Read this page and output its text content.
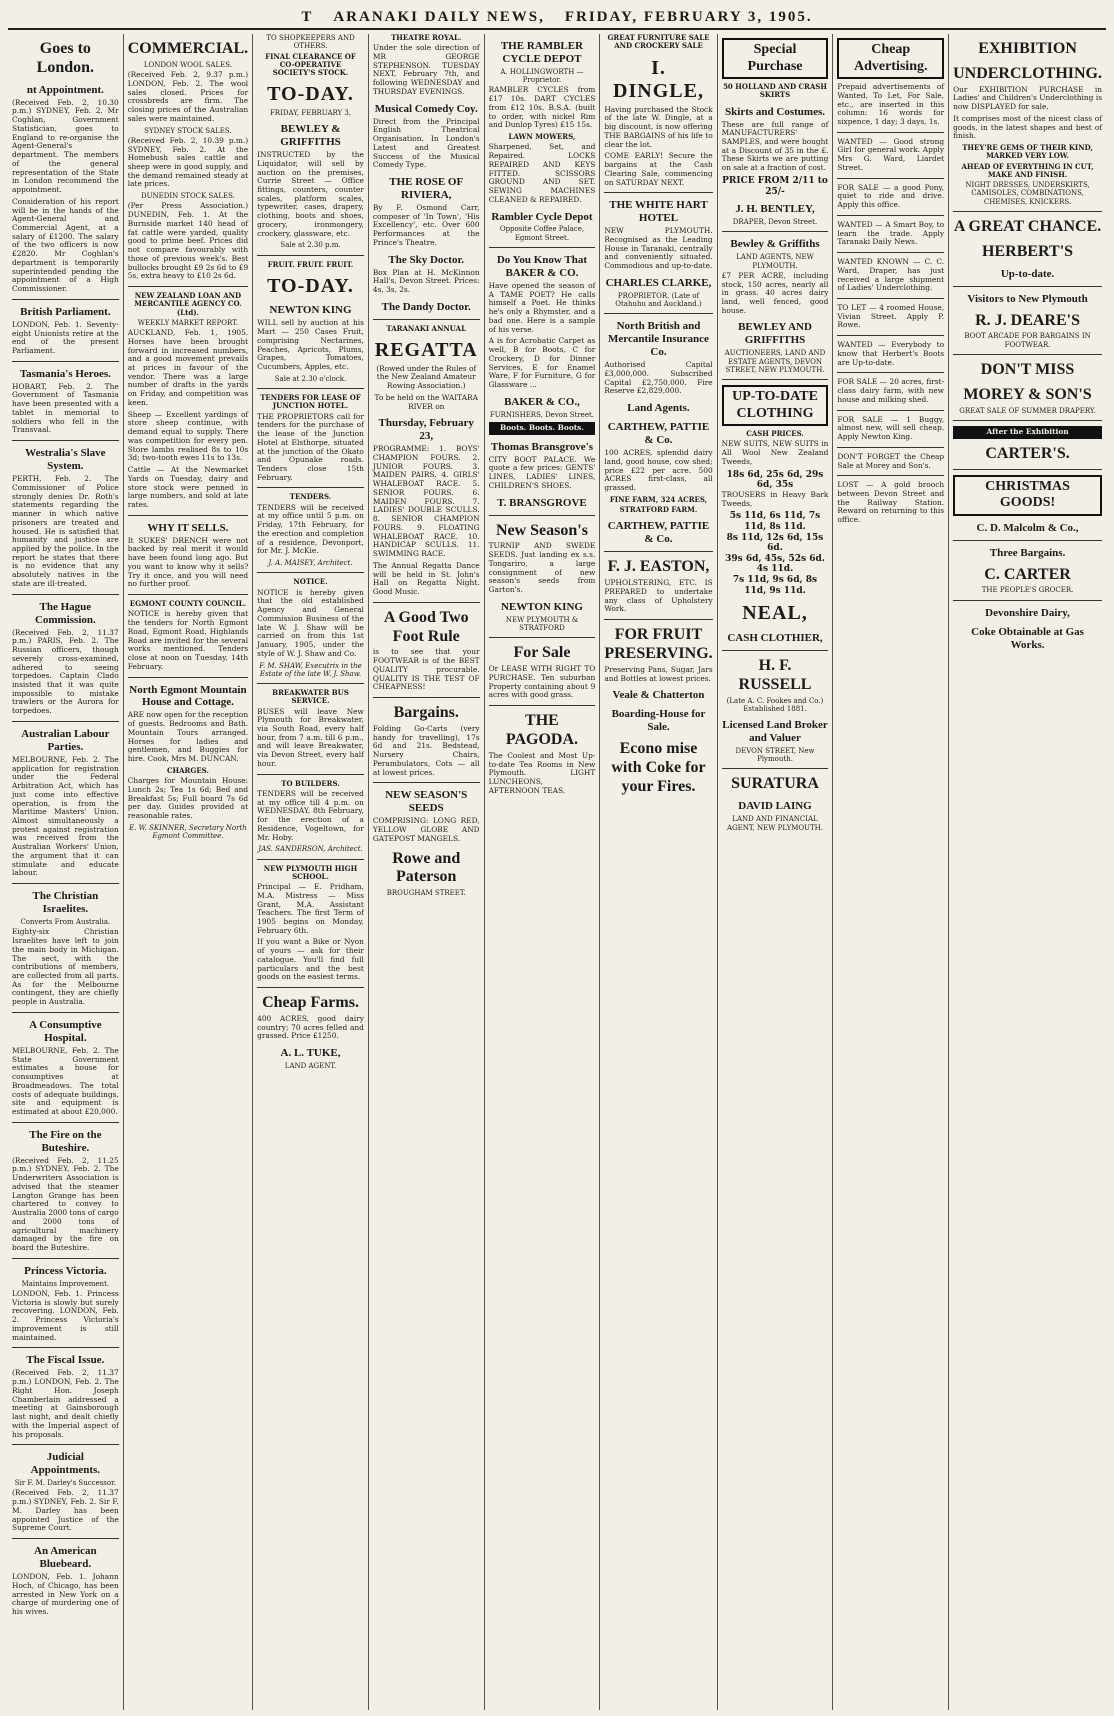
T ARANAKI DAILY NEWS, FRIDAY, FEBRUARY 3, 1905.
Goes to London.
nt Appointment.

(Received Feb. 2, 10.30 p.m.) SYDNEY, Feb. 2. Mr Coghlan, Government Statistician, goes to England to re-organise the Agent-General's department. The members of the general representation of the State in London recommend the appointment.

Consideration of his report will be in the hands of the Agent-General and Commercial Agent, at a salary of £1200. The salary of the two officers is now £2820. Mr Coghlan's department is temporarily superintended pending the appointment of a High Commissioner.

British Parliament.

LONDON, Feb. 1. Seventy-eight Unionists retire at the end of the present Parliament.

Tasmania's Heroes.

HOBART, Feb. 2. The Government of Tasmania have been presented with a tablet in memorial to soldiers who fell in the Transvaal.

Westralia's Slave System.

PERTH, Feb. 2. The Commissioner of Police strongly denies Dr. Roth's statements regarding the manner in which native prisoners are treated and housed. He is satisfied that humanity and justice are applied by the police. In the report he states that there is no evidence that any absolutely natives in the state are ill-treated.

The Hague Commission.

(Received Feb. 2, 11.37 p.m.) PARIS, Feb. 2. The Russian officers, though severely cross-examined, adhered to seeing torpedoes. Captain Clado insisted that it was quite impossible to mistake trawlers or the Aurora for torpedoes.

Australian Labour Parties.

MELBOURNE, Feb. 2. The application for registration under the Federal Arbitration Act, which has just come into effective operation, is from the Maritime Masters' Union. Almost simultaneously a protest against registration was received from the Australian Workers' Union, the argument that it can stimulate and educate labour.

The Christian Israelites.
Converts From Australia.

Eighty-six Christian Israelites have left to join the main body in Michigan. The sect, with the contributions of members, are collected from all parts. As for the Melbourne contingent, they are chiefly people in Australia.

A Consumptive Hospital.

MELBOURNE, Feb. 2. The State Government estimates a house for consumptives at Broadmeadows. The total costs of adequate buildings, site and equipment is estimated at about £20,000.

The Fire on the Buteshire.

(Received Feb. 2, 11.25 p.m.) SYDNEY, Feb. 2. The Underwriters Association is advised that the steamer Langton Grange has been chartered to convey to Australia 2000 tons of cargo and 2000 tons of agricultural machinery damaged by the fire on board the Buteshire.

Princess Victoria.
Maintains Improvement.

LONDON, Feb. 1. Princess Victoria is slowly but surely recovering. LONDON, Feb. 2. Princess Victoria's improvement is still maintained.

The Fiscal Issue.

(Received Feb. 2, 11.37 p.m.) LONDON, Feb. 2. The Right Hon. Joseph Chamberlain addressed a meeting at Gainsborough last night, and dealt chiefly with the Imperial aspect of his proposals.

Judicial Appointments.
Sir F. M. Darley's Successor.

(Received Feb. 2, 11.37 p.m.) SYDNEY, Feb. 2. Sir F. M. Darley has been appointed Justice of the Supreme Court.

An American Bluebeard.

LONDON, Feb. 1. Johann Hoch, of Chicago, has been arrested in New York on a charge of murdering one of his wives.

COMMERCIAL.
LONDON WOOL SALES.

(Received Feb. 2, 9.37 p.m.) LONDON, Feb. 2. The wool sales closed. Prices for crossbreds are firm. The closing prices of the Australian sales were maintained.

SYDNEY STOCK SALES.

(Received Feb. 2, 10.39 p.m.) SYDNEY, Feb. 2. At the Homebush sales cattle and sheep were in good supply, and the demand remained steady at late prices.

DUNEDIN STOCK SALES.

(Per Press Association.) DUNEDIN, Feb. 1. At the Burnside market 140 head of fat cattle were yarded, quality good to prime beef. Prices did not compare favourably with those of previous week's. Best bullocks brought £9 2s 6d to £9 5s, extra heavy to £10 2s 6d.

NEW ZEALAND LOAN AND MERCANTILE AGENCY CO. (Ltd).
WEEKLY MARKET REPORT.

AUCKLAND, Feb. 1, 1905. Horses have been brought forward in increased numbers, and a good movement prevails at prices in favour of the vendor. There was a large number of drafts in the yards on Friday, and competition was keen.

Sheep — Excellent yardings of store sheep continue, with demand equal to supply. There was competition for every pen. Store lambs realised 8s to 10s 3d; two-tooth ewes 11s to 13s.

Cattle — At the Newmarket Yards on Tuesday, dairy and store stock were penned in large numbers, and sold at late rates.

WHY IT SELLS.

It SUKES' DRENCH were not backed by real merit it would have been found long ago. But you want to know why it sells? Try it once, and you will need no further proof.

EGMONT COUNTY COUNCIL.

NOTICE is hereby given that the tenders for North Egmont Road, Egmont Road, Highlands Road are invited for the several works mentioned. Tenders close at noon on Tuesday, 14th February.

North Egmont Mountain House and Cottage.

ARE now open for the reception of guests. Bedrooms and Bath. Mountain Tours arranged. Horses for ladies and gentlemen, and Buggies for hire. Cook, Mrs M. DUNCAN.

CHARGES.

Charges for Mountain House: Lunch 2s; Tea 1s 6d; Bed and Breakfast 5s; Full board 7s 6d per day. Guides provided at reasonable rates.

E. W. SKINNER, Secretary North Egmont Committee.
TO SHOPKEEPERS AND OTHERS.
FINAL CLEARANCE OF CO-OPERATIVE SOCIETY'S STOCK.
TO-DAY.
FRIDAY, FEBRUARY 3,
BEWLEY & GRIFFITHS

INSTRUCTED by the Liquidator, will sell by auction on the premises, Currie Street — Office fittings, counters, counter scales, platform scales, typewriter, cases, drapery, clothing, boots and shoes, grocery, ironmongery, crockery, glassware, etc.

Sale at 2.30 p.m.
FRUIT. FRUIT. FRUIT.
TO-DAY.
NEWTON KING

WILL sell by auction at his Mart — 250 Cases Fruit, comprising Nectarines, Peaches, Apricots, Plums, Grapes, Tomatoes, Cucumbers, Apples, etc.

Sale at 2.30 o'clock.
TENDERS FOR LEASE OF JUNCTION HOTEL.

THE PROPRIETORS call for tenders for the purchase of the lease of the Junction Hotel at Elsthorpe, situated at the junction of the Okato and Opunake roads. Tenders close 15th February.

TENDERS.

TENDERS will be received at my office until 5 p.m. on Friday, 17th February, for the erection and completion of a residence, Devonport, for Mr. J. McKie.

J. A. MAISEY, Architect.
NOTICE.

NOTICE is hereby given that the old established Agency and General Commission Business of the late W. J. Shaw will be carried on from this 1st January, 1905, under the style of W. J. Shaw and Co.

F. M. SHAW, Executrix in the Estate of the late W. J. Shaw.
BREAKWATER BUS SERVICE.

BUSES will leave New Plymouth for Breakwater, via South Road, every half hour, from 7 a.m. till 6 p.m., and will leave Breakwater, via Devon Street, every half hour.

TO BUILDERS.

TENDERS will be received at my office till 4 p.m. on WEDNESDAY, 8th February, for the erection of a Residence, Vogeltown, for Mr. Hoby.

JAS. SANDERSON, Architect.
NEW PLYMOUTH HIGH SCHOOL.

Principal — E. Pridham, M.A. Mistress — Miss Grant, M.A. Assistant Teachers. The first Term of 1905 begins on Monday, February 6th.

If you want a Bike or Nyon of yours — ask for their catalogue. You'll find full particulars and the best goods on the easiest terms.

Cheap Farms.

400 ACRES, good dairy country; 70 acres felled and grassed. Price £1250.

A. L. TUKE,
LAND AGENT.
THEATRE ROYAL.

Under the sole direction of MR GEORGE STEPHENSON. TUESDAY NEXT, February 7th, and following WEDNESDAY and THURSDAY EVENINGS.

Musical Comedy Coy.

Direct from the Principal English Theatrical Organisation. In London's Latest and Greatest Success of the Musical Comedy Type.

THE ROSE OF RIVIERA,

By F. Osmond Carr, composer of 'In Town', 'His Excellency', etc. Over 600 Performances at the Prince's Theatre.

The Sky Doctor.

Box Plan at H. McKinnon Hall's, Devon Street. Prices: 4s, 3s, 2s.

The Dandy Doctor.
TARANAKI ANNUAL
REGATTA

(Rowed under the Rules of the New Zealand Amateur Rowing Association.)

To be held on the WAITARA RIVER on

Thursday, February 23,

PROGRAMME: 1. BOYS' CHAMPION FOURS. 2. JUNIOR FOURS. 3. MAIDEN PAIRS. 4. GIRLS' WHALEBOAT RACE. 5. SENIOR FOURS. 6. MAIDEN FOURS. 7. LADIES' DOUBLE SCULLS. 8. SENIOR CHAMPION FOURS. 9. FLOATING WHALEBOAT RACE. 10. HANDICAP SCULLS. 11. SWIMMING RACE.

The Annual Regatta Dance will be held in St. John's Hall on Regatta Night. Good Music.

A Good Two Foot Rule

is to see that your FOOTWEAR is of the BEST QUALITY procurable. QUALITY IS THE TEST OF CHEAPNESS!

Bargains.

Folding Go-Carts (very handy for travelling), 17s 6d and 21s. Bedstead, Nursery Chairs, Perambulators, Cots — all at lowest prices.

NEW SEASON'S SEEDS

COMPRISING: LONG RED, YELLOW GLOBE AND GATEPOST MANGELS.

Rowe and Paterson
BROUGHAM STREET.
THE RAMBLER CYCLE DEPOT
A. HOLLINGWORTH — Proprietor.

RAMBLER CYCLES from £17 10s. DART CYCLES from £12 10s. B.S.A. (built to order, with nickel Rim and Dunlop Tyres) £15 15s.

LAWN MOWERS,

Sharpened, Set, and Repaired. LOCKS REPAIRED AND KEYS FITTED. SCISSORS GROUND AND SET. SEWING MACHINES CLEANED & REPAIRED.

Rambler Cycle Depot
Opposite Coffee Palace, Egmont Street.
Do You Know That BAKER & CO.

Have opened the season of A TAME POET? He calls himself a Poet. He thinks he's only a Rhymster, and a bad one. Here is a sample of his verse.

A is for Acrobatic Carpet as well, B for Boots, C for Crockery, D for Dinner Services, E for Enamel Ware, F for Furniture, G for Glassware ...

BAKER & CO.,
FURNISHERS, Devon Street.
Boots. Boots. Boots.
Thomas Bransgrove's

CITY BOOT PALACE. We quote a few prices: GENTS' LINES, LADIES' LINES, CHILDREN'S SHOES.

T. BRANSGROVE
New Season's

TURNIP AND SWEDE SEEDS. Just landing ex s.s. Tongariro, a large consignment of new season's seeds from Garton's.

NEWTON KING
NEW PLYMOUTH & STRATFORD
For Sale

Or LEASE WITH RIGHT TO PURCHASE. Ten suburban Property containing about 9 acres with good grass.

THE PAGODA.

The Coolest and Most Up-to-date Tea Rooms in New Plymouth. LIGHT LUNCHEONS, AFTERNOON TEAS.

GREAT FURNITURE SALE AND CROCKERY SALE
I. DINGLE,

Having purchased the Stock of the late W. Dingle, at a big discount, is now offering THE BARGAINS of his life to clear the lot.

COME EARLY! Secure the bargains at the Cash Clearing Sale, commencing on SATURDAY NEXT.

THE WHITE HART HOTEL

NEW PLYMOUTH. Recognised as the Leading House in Taranaki, centrally and conveniently situated. Commodious and up-to-date.

CHARLES CLARKE,
PROPRIETOR. (Late of Otahuhu and Auckland.)
North British and Mercantile Insurance Co.

Authorised Capital £3,000,000. Subscribed Capital £2,750,000. Fire Reserve £2,829,000.

Land Agents.
CARTHEW, PATTIE & Co.

100 ACRES, splendid dairy land, good house, cow shed; price £22 per acre. 500 ACRES first-class, all grassed.

FINE FARM, 324 ACRES,
STRATFORD FARM.
CARTHEW, PATTIE & Co.
F. J. EASTON,

UPHOLSTERING, ETC. IS PREPARED to undertake any class of Upholstery Work.

FOR FRUIT PRESERVING.

Preserving Pans, Sugar, Jars and Bottles at lowest prices.

Veale & Chatterton
Boarding-House for Sale.
Econo mise with Coke for your Fires.
Special Purchase
50 HOLLAND AND CRASH SKIRTS
Skirts and Costumes.

These are full range of MANUFACTURERS' SAMPLES, and were bought at a Discount of 35 in the £. These Skirts we are putting on sale at a fraction of cost.

PRICE FROM 2/11 to 25/-
J. H. BENTLEY,
DRAPER, Devon Street.
Bewley & Griffiths
LAND AGENTS, NEW PLYMOUTH.

£7 PER ACRE, including stock, 150 acres, nearly all in grass. 40 acres dairy land, well fenced, good house.

BEWLEY AND GRIFFITHS
AUCTIONEERS, LAND AND ESTATE AGENTS, DEVON STREET, NEW PLYMOUTH.
UP-TO-DATE CLOTHING
CASH PRICES.

NEW SUITS, NEW SUITS in All Wool New Zealand Tweeds,

18s 6d, 25s 6d, 29s 6d, 35s

TROUSERS in Heavy Bark Tweeds,

5s 11d, 6s 11d, 7s 11d, 8s 11d.
8s 11d, 12s 6d, 15s 6d.
39s 6d, 45s, 52s 6d.
4s 11d.
7s 11d, 9s 6d, 8s 11d, 9s 11d.
NEAL,
CASH CLOTHIER,
H. F. RUSSELL
(Late A. C. Fookes and Co.) Established 1881.
Licensed Land Broker and Valuer
DEVON STREET, New Plymouth.
SURATURA
DAVID LAING
LAND AND FINANCIAL AGENT, NEW PLYMOUTH.
Cheap Advertising.

Prepaid advertisements of Wanted, To Let, For Sale, etc., are inserted in this column: 16 words for sixpence, 1 day; 3 days, 1s.

WANTED — Good strong Girl for general work. Apply Mrs G. Ward, Liardet Street.

FOR SALE — a good Pony, quiet to ride and drive. Apply this office.

WANTED — A Smart Boy, to learn the trade. Apply Taranaki Daily News.

WANTED KNOWN — C. C. Ward, Draper, has just received a large shipment of Ladies' Underclothing.

TO LET — 4 roomed House, Vivian Street. Apply P. Rowe.

WANTED — Everybody to know that Herbert's Boots are Up-to-date.

FOR SALE — 20 acres, first-class dairy farm, with new house and milking shed.

FOR SALE — 1 Buggy, almost new, will sell cheap. Apply Newton King.

DON'T FORGET the Cheap Sale at Morey and Son's.

LOST — A gold brooch between Devon Street and the Railway Station. Reward on returning to this office.

EXHIBITION
UNDERCLOTHING.

Our EXHIBITION PURCHASE in Ladies' and Children's Underclothing is now DISPLAYED for sale.

It comprises most of the nicest class of goods, in the latest shapes and best of finish.

THEY'RE GEMS OF THEIR KIND, MARKED VERY LOW.
AHEAD OF EVERYTHING IN CUT, MAKE AND FINISH.
NIGHT DRESSES, UNDERSKIRTS, CAMISOLES, COMBINATIONS, CHEMISES, KNICKERS.
A GREAT CHANCE.
HERBERT'S
Up-to-date.
Visitors to New Plymouth
R. J. DEARE'S
BOOT ARCADE FOR BARGAINS IN FOOTWEAR.
DON'T MISS
MOREY & SON'S
GREAT SALE OF SUMMER DRAPERY.
After the Exhibition
CARTER'S.
CHRISTMAS GOODS!
C. D. Malcolm & Co.,
Three Bargains.
C. CARTER
THE PEOPLE'S GROCER.
Devonshire Dairy,
Coke Obtainable at Gas Works.
